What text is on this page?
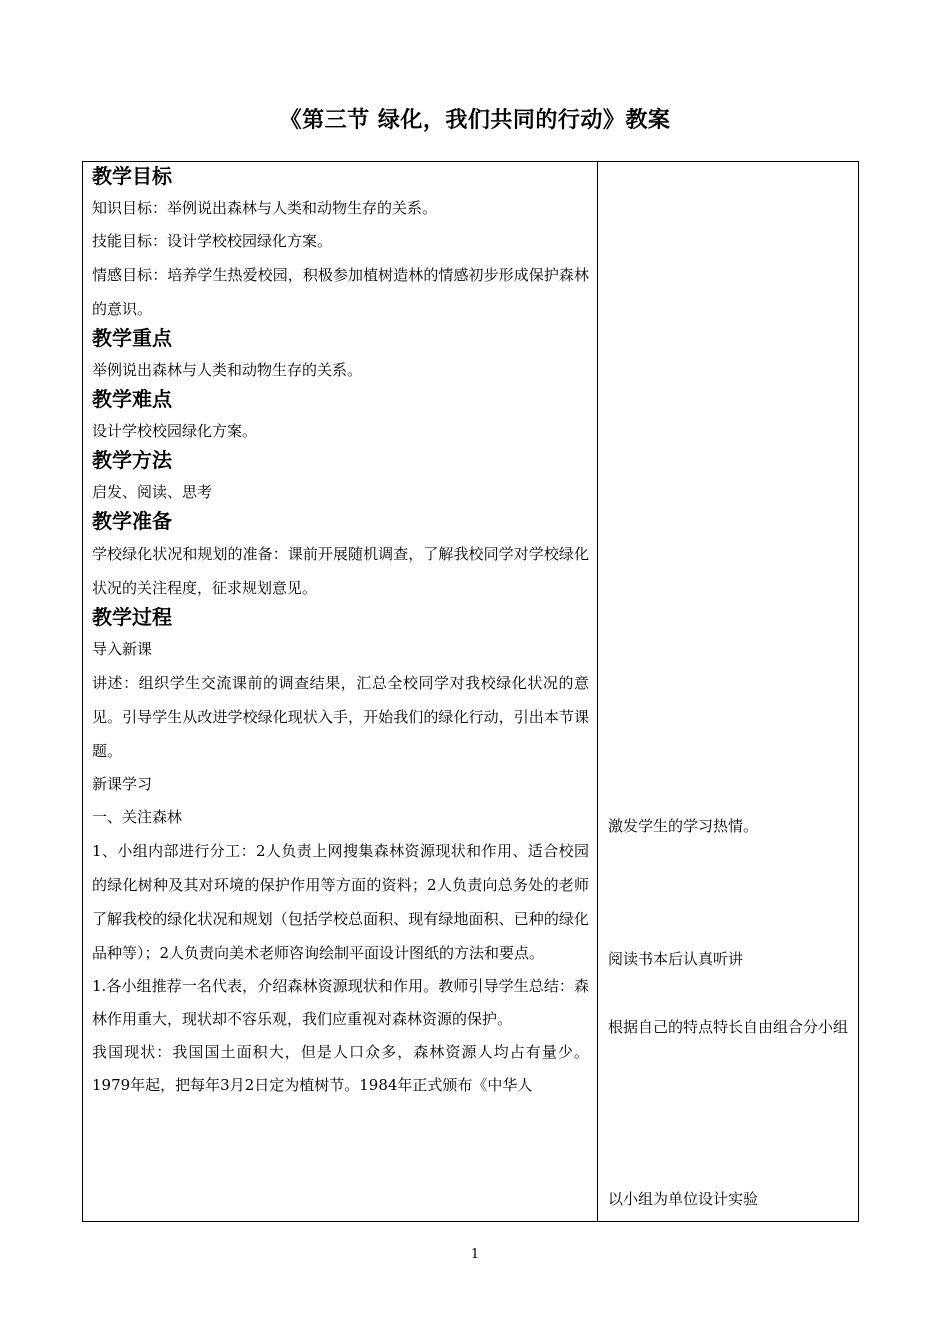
《第三节 绿化，我们共同的行动》教案
教学目标

知识目标：举例说出森林与人类和动物生存的关系。

技能目标：设计学校校园绿化方案。

情感目标：培养学生热爱校园，积极参加植树造林的情感初步形成保护森林的意识。

教学重点

举例说出森林与人类和动物生存的关系。

教学难点

设计学校校园绿化方案。

教学方法

启发、阅读、思考

教学准备

学校绿化状况和规划的准备：课前开展随机调查，了解我校同学对学校绿化状况的关注程度，征求规划意见。

教学过程

导入新课

讲述：组织学生交流课前的调查结果，汇总全校同学对我校绿化状况的意见。引导学生从改进学校绿化现状入手，开始我们的绿化行动，引出本节课题。

新课学习

一、关注森林

1、小组内部进行分工：2人负责上网搜集森林资源现状和作用、适合校园的绿化树种及其对环境的保护作用等方面的资料；2人负责向总务处的老师了解我校的绿化状况和规划（包括学校总面积、现有绿地面积、已种的绿化品种等）；2人负责向美术老师咨询绘制平面设计图纸的方法和要点。

1.各小组推荐一名代表，介绍森林资源现状和作用。教师引导学生总结：森林作用重大，现状却不容乐观，我们应重视对森林资源的保护。

我国现状：我国国土面积大，但是人口众多，森林资源人均占有量少。1979年起，把每年3月2日定为植树节。1984年正式颁布《中华人

激发学生的学习热情。

阅读书本后认真听讲

根据自己的特点特长自由组合分小组

以小组为单位设计实验

1
